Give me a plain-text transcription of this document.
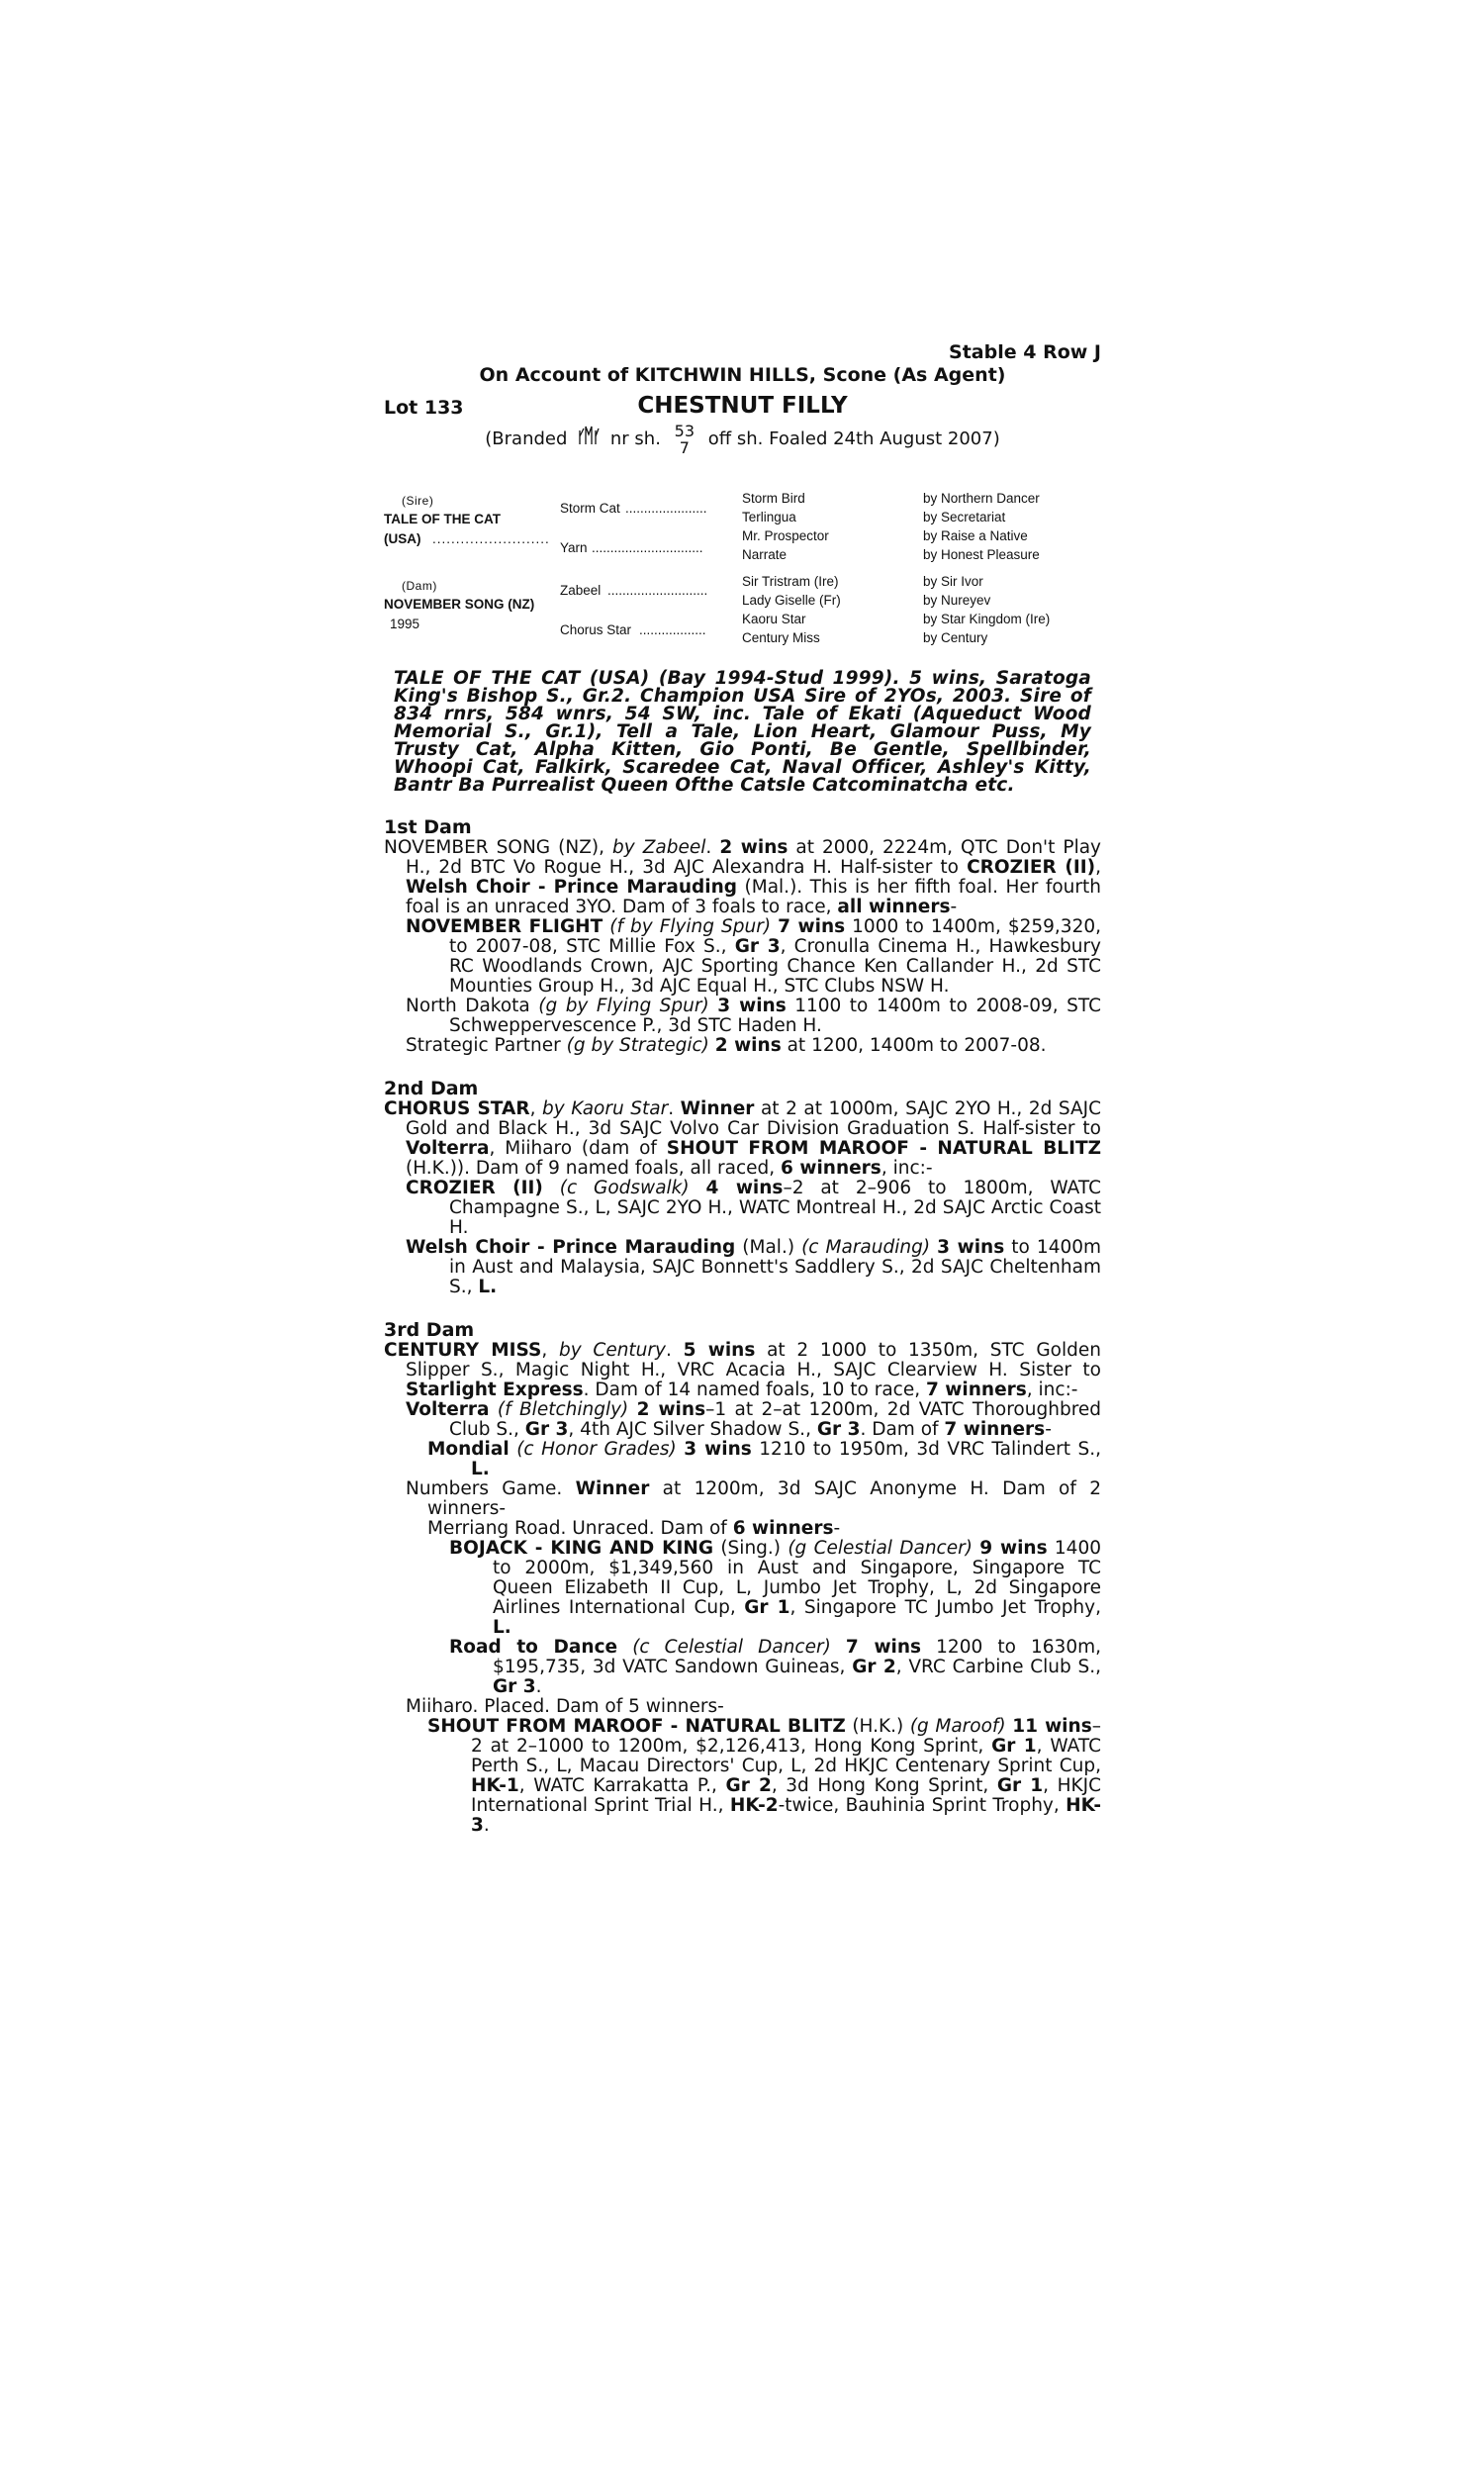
Stable 4 Row J
On Account of KITCHWIN HILLS, Scone (As Agent)
Lot 133	CHESTNUT FILLY
(Branded nr sh. 53
7 off sh. Foaled 24th August 2007)
(Sire)
TALE OF THE CAT
(USA) .........................
(Dam)
NOVEMBER SONG (NZ)
1995
Storm Cat ......................
Yarn ..............................
Zabeel ...........................
Chorus Star ..................
Storm Bird
Terlingua
Mr. Prospector
Narrate
Sir Tristram (Ire)
Lady Giselle (Fr)
Kaoru Star
Century Miss
by Northern Dancer
by Secretariat
by Raise a Native
by Honest Pleasure
by Sir Ivor
by Nureyev
by Star Kingdom (Ire)
by Century
TALE OF THE CAT (USA) (Bay 1994-Stud 1999). 5 wins, Saratoga King's Bishop S., Gr.2. Champion USA Sire of 2YOs, 2003. Sire of 834 rnrs, 584 wnrs, 54 SW, inc. Tale of Ekati (Aqueduct Wood Memorial S., Gr.1), Tell a Tale, Lion Heart, Glamour Puss, My Trusty Cat, Alpha Kitten, Gio Ponti, Be Gentle, Spellbinder, Whoopi Cat, Falkirk, Scaredee Cat, Naval Officer, Ashley's Kitty, Bantr Ba Purrealist Queen Ofthe Catsle Catcominatcha etc.
1st Dam
NOVEMBER SONG (NZ), by Zabeel. 2 wins at 2000, 2224m, QTC Don't Play H., 2d BTC Vo Rogue H., 3d AJC Alexandra H. Half-sister to CROZIER (II), Welsh Choir - Prince Marauding (Mal.). This is her fifth foal. Her fourth foal is an unraced 3YO. Dam of 3 foals to race, all winners-
NOVEMBER FLIGHT (f by Flying Spur) 7 wins 1000 to 1400m, $259,320, to 2007-08, STC Millie Fox S., Gr 3, Cronulla Cinema H., Hawkesbury RC Woodlands Crown, AJC Sporting Chance Ken Callander H., 2d STC Mounties Group H., 3d AJC Equal H., STC Clubs NSW H.
North Dakota (g by Flying Spur) 3 wins 1100 to 1400m to 2008-09, STC Schweppervescence P., 3d STC Haden H.
Strategic Partner (g by Strategic) 2 wins at 1200, 1400m to 2007-08.
2nd Dam
CHORUS STAR, by Kaoru Star. Winner at 2 at 1000m, SAJC 2YO H., 2d SAJC Gold and Black H., 3d SAJC Volvo Car Division Graduation S. Half-sister to Volterra, Miiharo (dam of SHOUT FROM MAROOF - NATURAL BLITZ (H.K.)). Dam of 9 named foals, all raced, 6 winners, inc:-
CROZIER (II) (c Godswalk) 4 wins–2 at 2–906 to 1800m, WATC Champagne S., L, SAJC 2YO H., WATC Montreal H., 2d SAJC Arctic Coast H.
Welsh Choir - Prince Marauding (Mal.) (c Marauding) 3 wins to 1400m in Aust and Malaysia, SAJC Bonnett's Saddlery S., 2d SAJC Cheltenham S., L.
3rd Dam
CENTURY MISS, by Century. 5 wins at 2 1000 to 1350m, STC Golden Slipper S., Magic Night H., VRC Acacia H., SAJC Clearview H. Sister to Starlight Express. Dam of 14 named foals, 10 to race, 7 winners, inc:-
Volterra (f Bletchingly) 2 wins–1 at 2–at 1200m, 2d VATC Thoroughbred Club S., Gr 3, 4th AJC Silver Shadow S., Gr 3. Dam of 7 winners-
Mondial (c Honor Grades) 3 wins 1210 to 1950m, 3d VRC Talindert S., L.
Numbers Game. Winner at 1200m, 3d SAJC Anonyme H. Dam of 2 winners-
Merriang Road. Unraced. Dam of 6 winners-
BOJACK - KING AND KING (Sing.) (g Celestial Dancer) 9 wins 1400 to 2000m, $1,349,560 in Aust and Singapore, Singapore TC Queen Elizabeth II Cup, L, Jumbo Jet Trophy, L, 2d Singapore Airlines International Cup, Gr 1, Singapore TC Jumbo Jet Trophy, L.
Road to Dance (c Celestial Dancer) 7 wins 1200 to 1630m, $195,735, 3d VATC Sandown Guineas, Gr 2, VRC Carbine Club S., Gr 3.
Miiharo. Placed. Dam of 5 winners-
SHOUT FROM MAROOF - NATURAL BLITZ (H.K.) (g Maroof) 11 wins–2 at 2–1000 to 1200m, $2,126,413, Hong Kong Sprint, Gr 1, WATC Perth S., L, Macau Directors' Cup, L, 2d HKJC Centenary Sprint Cup, HK-1, WATC Karrakatta P., Gr 2, 3d Hong Kong Sprint, Gr 1, HKJC International Sprint Trial H., HK-2-twice, Bauhinia Sprint Trophy, HK-3.
